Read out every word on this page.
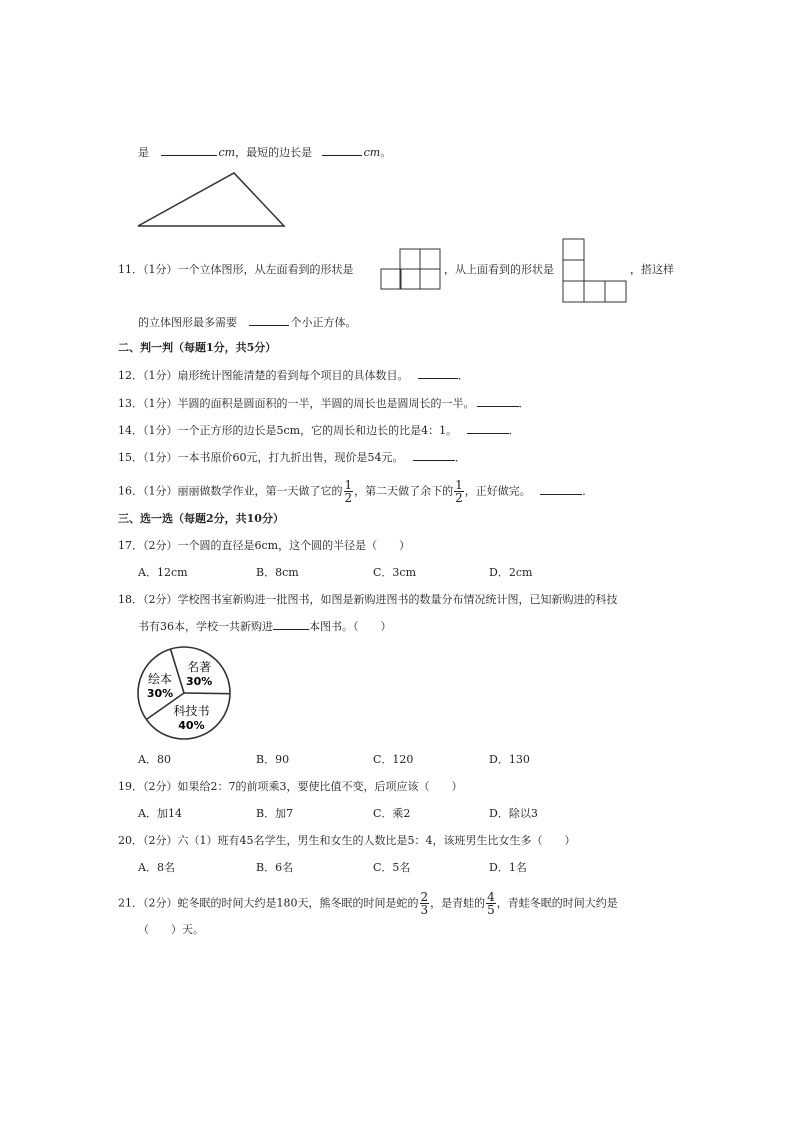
是	cm，最短的边长是	cm。
11．（1分）一个立体图形，从左面看到的形状是	，从上面看到的形状是	，搭这样
的立体图形最多需要	个小正方体。
二、判一判（每题1分，共5分）
12．（1分）扇形统计图能清楚的看到每个项目的具体数目。	．
13．（1分）半圆的面积是圆面积的一半，半圆的周长也是圆周长的一半。	．
14．（1分）一个正方形的边长是5cm，它的周长和边长的比是4：1。	．
15．（1分）一本书原价60元，打九折出售，现价是54元。	．
16．（1分）丽丽做数学作业，第一天做了它的 $\frac{1}{2}$ ，第二天做了余下的 $\frac{1}{2}$ ，正好做完。	．
三、选一选（每题2分，共10分）
17．（2分）一个圆的直径是6cm，这个圆的半径是（　　）
A．12cm	B．8cm	C．3cm	D．2cm
18．（2分）学校图书室新购进一批图书，如图是新购进图书的数量分布情况统计图，已知新购进的科技
书有36本，学校一共新购进	本图书。（　　）
名著
30%
科技书
40%
绘本
30%
A．80	B．90	C．120	D．130
19．（2分）如果给2：7的前项乘3，要使比值不变，后项应该（　　）
A．加14	B．加7	C．乘2	D．除以3
20．（2分）六（1）班有45名学生，男生和女生的人数比是5：4，该班男生比女生多（　　）
A．8名	B．6名	C．5名	D．1名
21．（2分）蛇冬眠的时间大约是180天，熊冬眠的时间是蛇的 $\frac{2}{3}$ ，是青蛙的 $\frac{4}{5}$ ，青蛙冬眠的时间大约是
（　　）天。
